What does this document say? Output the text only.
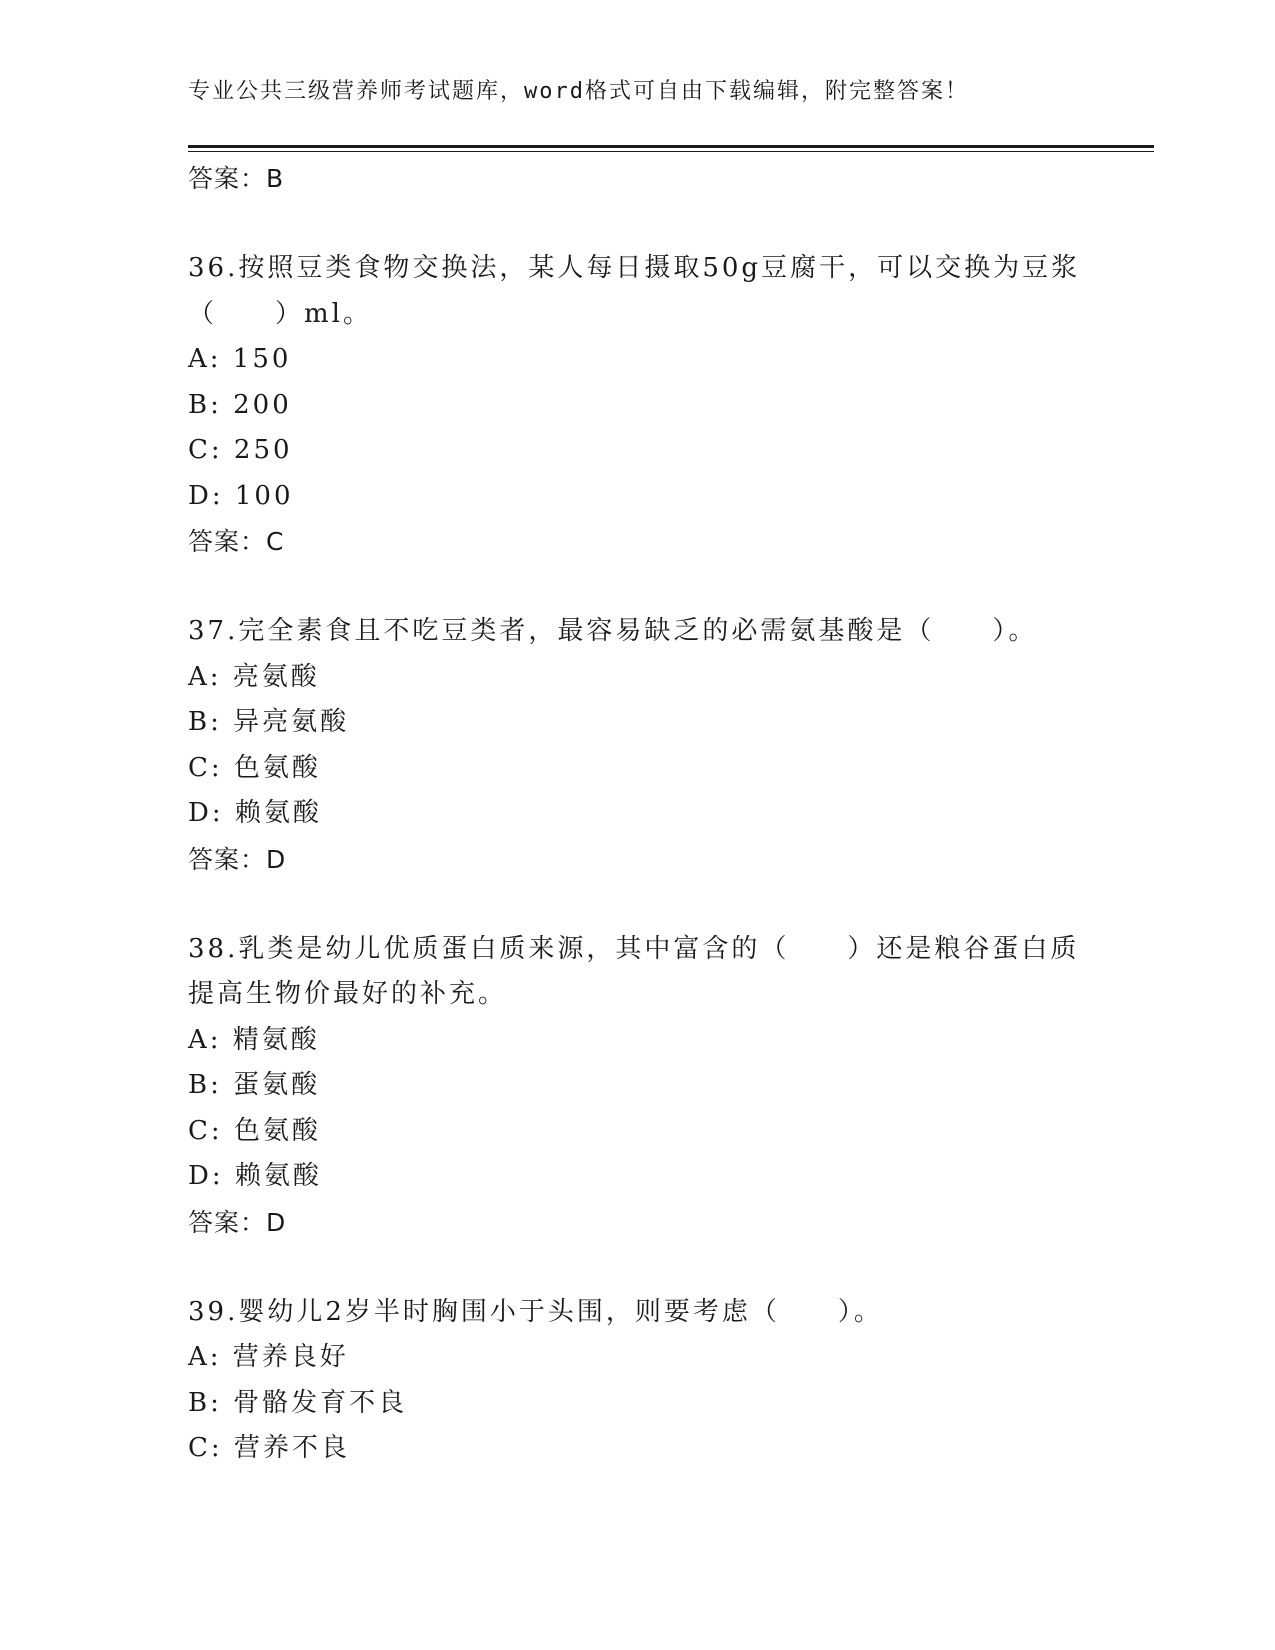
专业公共三级营养师考试题库，word格式可自由下载编辑，附完整答案！
答案：B
36.按照豆类食物交换法，某人每日摄取50g豆腐干，可以交换为豆浆（　　）ml。
A: 150
B: 200
C: 250
D: 100
答案：C
37.完全素食且不吃豆类者，最容易缺乏的必需氨基酸是（　　）。
A: 亮氨酸
B: 异亮氨酸
C: 色氨酸
D: 赖氨酸
答案：D
38.乳类是幼儿优质蛋白质来源，其中富含的（　　）还是粮谷蛋白质提高生物价最好的补充。
A: 精氨酸
B: 蛋氨酸
C: 色氨酸
D: 赖氨酸
答案：D
39.婴幼儿2岁半时胸围小于头围，则要考虑（　　）。
A: 营养良好
B: 骨骼发育不良
C: 营养不良
